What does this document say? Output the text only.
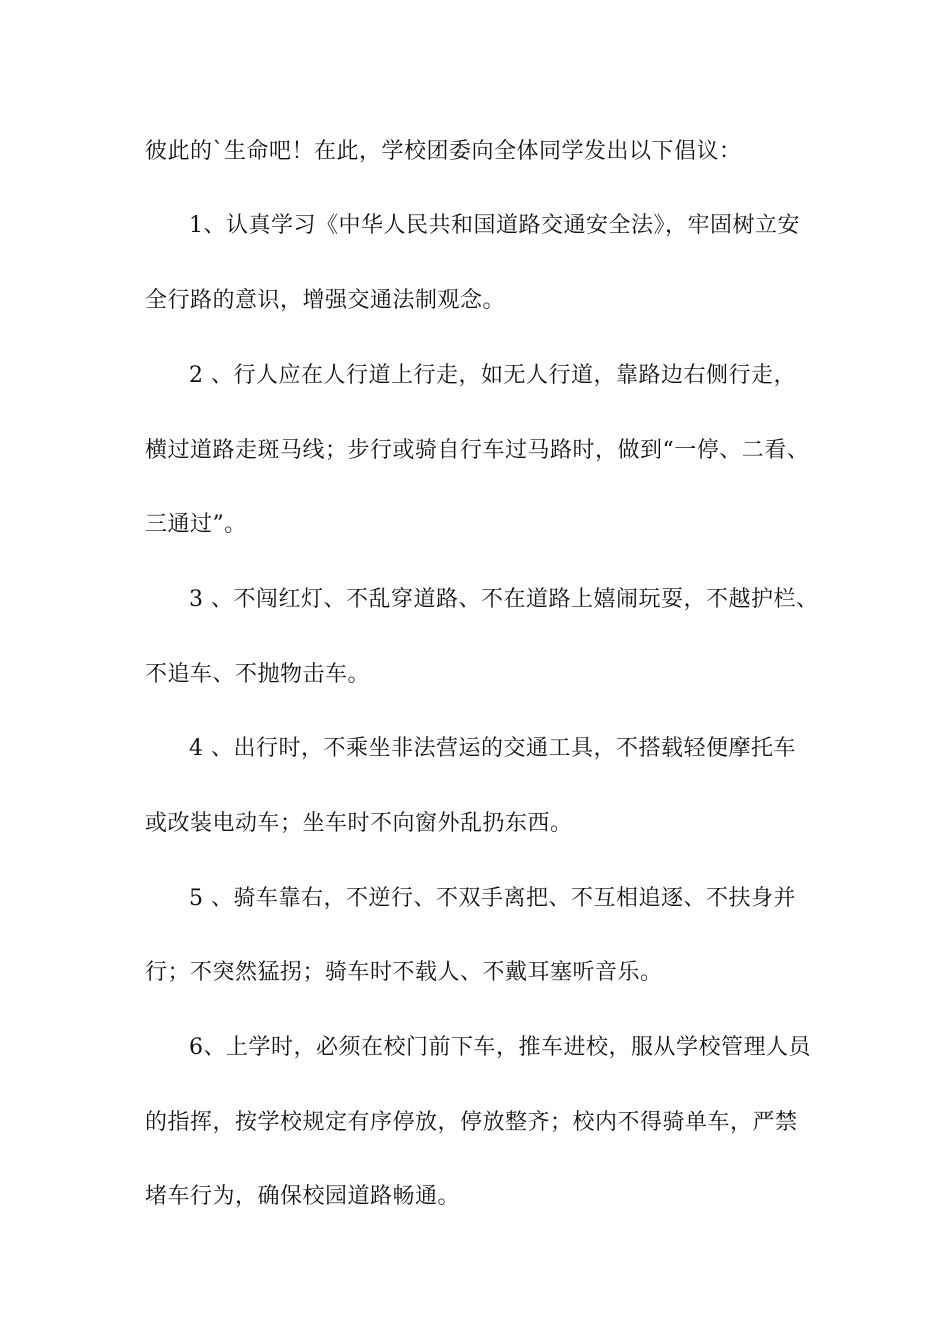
彼此的`生命吧！在此，学校团委向全体同学发出以下倡议：
1、认真学习《中华人民共和国道路交通安全法》，牢固树立安
全行路的意识，增强交通法制观念。
2 、行人应在人行道上行走，如无人行道，靠路边右侧行走，
横过道路走斑马线；步行或骑自行车过马路时，做到“一停、二看、
三通过”。
3 、不闯红灯、不乱穿道路、不在道路上嬉闹玩耍，不越护栏、
不追车、不抛物击车。
4 、出行时，不乘坐非法营运的交通工具，不搭载轻便摩托车
或改装电动车；坐车时不向窗外乱扔东西。
5 、骑车靠右，不逆行、不双手离把、不互相追逐、不扶身并
行；不突然猛拐；骑车时不载人、不戴耳塞听音乐。
6、上学时，必须在校门前下车，推车进校，服从学校管理人员
的指挥，按学校规定有序停放，停放整齐；校内不得骑单车，严禁
堵车行为，确保校园道路畅通。
